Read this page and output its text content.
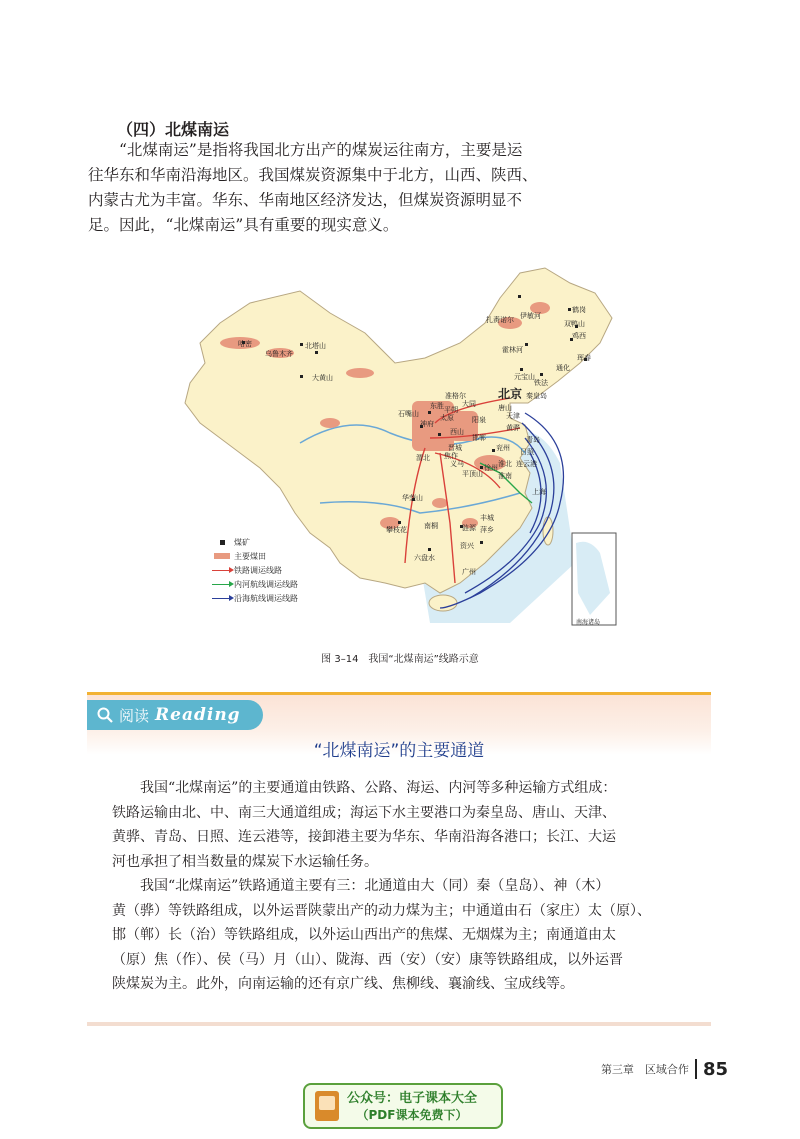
（四）北煤南运

“北煤南运”是指将我国北方出产的煤炭运往南方，主要是运
往华东和华南沿海地区。我国煤炭资源集中于北方，山西、陕西、
内蒙古尤为丰富。华东、华南地区经济发达，但煤炭资源明显不
足。因此，“北煤南运”具有重要的现实意义。

扎赉诺尔 伊敏河
鹤岗
双鸭山
鸡西
珲春
霍林河
铁法
元宝山
通化
乌鲁木齐
哈密	北塔山
大黄山
北京
准格尔
东胜
石嘴山
神府
渭北
唐山
阳泉
西山
晋城	兖州
徐州
淮南
淮北
义马
平顶山
华蓥山
六盘水
攀枝花 南桐	涟源 萍乡
资兴
丰城
大同
平朔
秦皇岛
天津
黄骅
青岛
日照
连云港
太原
邯郸
焦作
上海
广州
煤矿
主要煤田
铁路调运线路
内河航线调运线路
沿海航线调运线路
南海诸岛
图 3–14　我国“北煤南运”线路示意
阅读 Reading
“北煤南运”的主要通道
我国“北煤南运”的主要通道由铁路、公路、海运、内河等多种运输方式组成：
铁路运输由北、中、南三大通道组成；海运下水主要港口为秦皇岛、唐山、天津、
黄骅、青岛、日照、连云港等，接卸港主要为华东、华南沿海各港口；长江、大运
河也承担了相当数量的煤炭下水运输任务。
我国“北煤南运”铁路通道主要有三：北通道由大（同）秦（皇岛）、神（木）
黄（骅）等铁路组成，以外运晋陕蒙出产的动力煤为主；中通道由石（家庄）太（原）、
邯（郸）长（治）等铁路组成，以外运山西出产的焦煤、无烟煤为主；南通道由太
（原）焦（作）、侯（马）月（山）、陇海、西（安）（安）康等铁路组成，以外运晋
陕煤炭为主。此外，向南运输的还有京广线、焦柳线、襄渝线、宝成线等。
第三章　区域合作 85
公众号：电子课本大全
（PDF课本免费下）
